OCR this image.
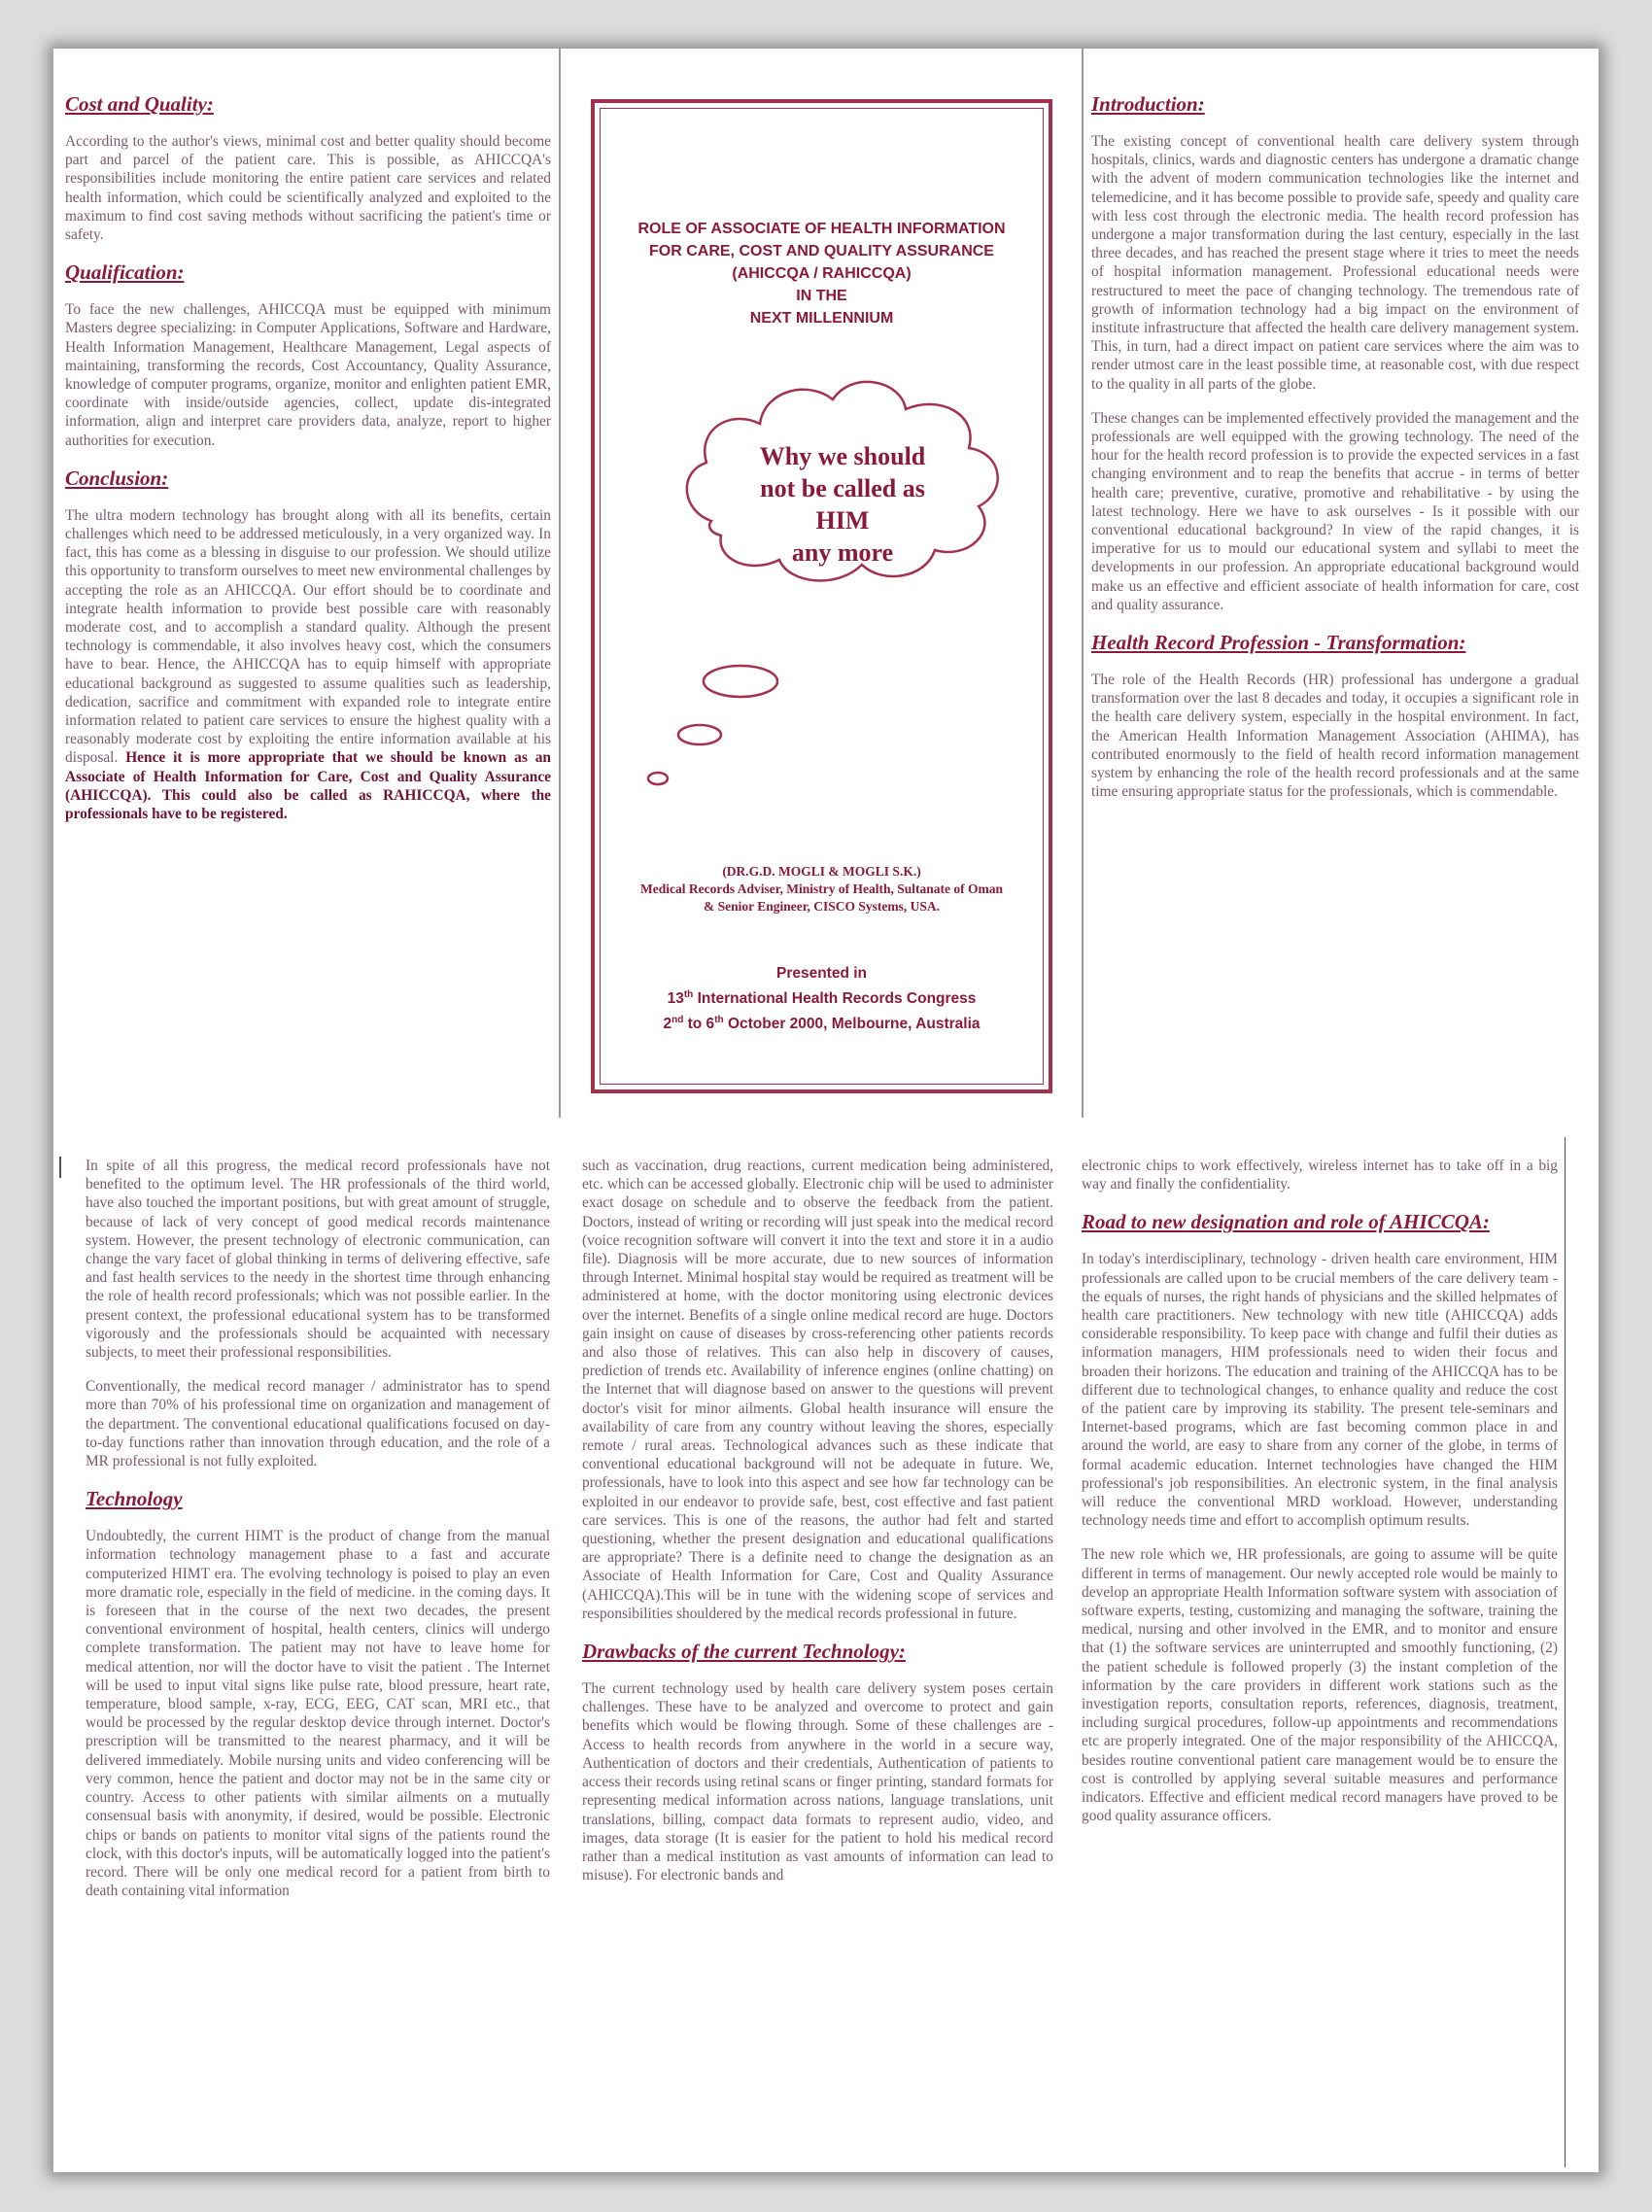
Cost and Quality:

According to the author's views, minimal cost and better quality should become part and parcel of the patient care. This is possible, as AHICCQA's responsibilities include monitoring the entire patient care services and related health information, which could be scientifically analyzed and exploited to the maximum to find cost saving methods without sacrificing the patient's time or safety.

Qualification:

To face the new challenges, AHICCQA must be equipped with minimum Masters degree specializing: in Computer Applications, Software and Hardware, Health Information Management, Healthcare Management, Legal aspects of maintaining, transforming the records, Cost Accountancy, Quality Assurance, knowledge of computer programs, organize, monitor and enlighten patient EMR, coordinate with inside/outside agencies, collect, update dis-integrated information, align and interpret care providers data, analyze, report to higher authorities for execution.

Conclusion:

The ultra modern technology has brought along with all its benefits, certain challenges which need to be addressed meticulously, in a very organized way. In fact, this has come as a blessing in disguise to our profession. We should utilize this opportunity to transform ourselves to meet new environmental challenges by accepting the role as an AHICCQA. Our effort should be to coordinate and integrate health information to provide best possible care with reasonably moderate cost, and to accomplish a standard quality. Although the present technology is commendable, it also involves heavy cost, which the consumers have to bear. Hence, the AHICCQA has to equip himself with appropriate educational background as suggested to assume qualities such as leadership, dedication, sacrifice and commitment with expanded role to integrate entire information related to patient care services to ensure the highest quality with a reasonably moderate cost by exploiting the entire information available at his disposal. Hence it is more appropriate that we should be known as an Associate of Health Information for Care, Cost and Quality Assurance (AHICCQA). This could also be called as RAHICCQA, where the professionals have to be registered.

ROLE OF ASSOCIATE OF HEALTH INFORMATION
FOR CARE, COST AND QUALITY ASSURANCE
(AHICCQA / RAHICCQA)
IN THE
NEXT MILLENNIUM
Why we should
not be called as
HIM
any more
(DR.G.D. MOGLI & MOGLI S.K.)
Medical Records Adviser, Ministry of Health, Sultanate of Oman
& Senior Engineer, CISCO Systems, USA.
Presented in
13th International Health Records Congress
2nd to 6th October 2000, Melbourne, Australia
Introduction:

The existing concept of conventional health care delivery system through hospitals, clinics, wards and diagnostic centers has undergone a dramatic change with the advent of modern communication technologies like the internet and telemedicine, and it has become possible to provide safe, speedy and quality care with less cost through the electronic media. The health record profession has undergone a major transformation during the last century, especially in the last three decades, and has reached the present stage where it tries to meet the needs of hospital information management. Professional educational needs were restructured to meet the pace of changing technology. The tremendous rate of growth of information technology had a big impact on the environment of institute infrastructure that affected the health care delivery management system. This, in turn, had a direct impact on patient care services where the aim was to render utmost care in the least possible time, at reasonable cost, with due respect to the quality in all parts of the globe.

These changes can be implemented effectively provided the management and the professionals are well equipped with the growing technology. The need of the hour for the health record profession is to provide the expected services in a fast changing environment and to reap the benefits that accrue - in terms of better health care; preventive, curative, promotive and rehabilitative - by using the latest technology. Here we have to ask ourselves - Is it possible with our conventional educational background? In view of the rapid changes, it is imperative for us to mould our educational system and syllabi to meet the developments in our profession. An appropriate educational background would make us an effective and efficient associate of health information for care, cost and quality assurance.

Health Record Profession - Transformation:

The role of the Health Records (HR) professional has undergone a gradual transformation over the last 8 decades and today, it occupies a significant role in the health care delivery system, especially in the hospital environment. In fact, the American Health Information Management Association (AHIMA), has contributed enormously to the field of health record information management system by enhancing the role of the health record professionals and at the same time ensuring appropriate status for the professionals, which is commendable.

In spite of all this progress, the medical record professionals have not benefited to the optimum level. The HR professionals of the third world, have also touched the important positions, but with great amount of struggle, because of lack of very concept of good medical records maintenance system. However, the present technology of electronic communication, can change the vary facet of global thinking in terms of delivering effective, safe and fast health services to the needy in the shortest time through enhancing the role of health record professionals; which was not possible earlier. In the present context, the professional educational system has to be transformed vigorously and the professionals should be acquainted with necessary subjects, to meet their professional responsibilities.

Conventionally, the medical record manager / administrator has to spend more than 70% of his professional time on organization and management of the department. The conventional educational qualifications focused on day-to-day functions rather than innovation through education, and the role of a MR professional is not fully exploited.

Technology

Undoubtedly, the current HIMT is the product of change from the manual information technology management phase to a fast and accurate computerized HIMT era. The evolving technology is poised to play an even more dramatic role, especially in the field of medicine. in the coming days. It is foreseen that in the course of the next two decades, the present conventional environment of hospital, health centers, clinics will undergo complete transformation. The patient may not have to leave home for medical attention, nor will the doctor have to visit the patient . The Internet will be used to input vital signs like pulse rate, blood pressure, heart rate, temperature, blood sample, x-ray, ECG, EEG, CAT scan, MRI etc., that would be processed by the regular desktop device through internet. Doctor's prescription will be transmitted to the nearest pharmacy, and it will be delivered immediately. Mobile nursing units and video conferencing will be very common, hence the patient and doctor may not be in the same city or country. Access to other patients with similar ailments on a mutually consensual basis with anonymity, if desired, would be possible. Electronic chips or bands on patients to monitor vital signs of the patients round the clock, with this doctor's inputs, will be automatically logged into the patient's record. There will be only one medical record for a patient from birth to death containing vital information

such as vaccination, drug reactions, current medication being administered, etc. which can be accessed globally. Electronic chip will be used to administer exact dosage on schedule and to observe the feedback from the patient. Doctors, instead of writing or recording will just speak into the medical record (voice recognition software will convert it into the text and store it in a audio file). Diagnosis will be more accurate, due to new sources of information through Internet. Minimal hospital stay would be required as treatment will be administered at home, with the doctor monitoring using electronic devices over the internet. Benefits of a single online medical record are huge. Doctors gain insight on cause of diseases by cross-referencing other patients records and also those of relatives. This can also help in discovery of causes, prediction of trends etc. Availability of inference engines (online chatting) on the Internet that will diagnose based on answer to the questions will prevent doctor's visit for minor ailments. Global health insurance will ensure the availability of care from any country without leaving the shores, especially remote / rural areas. Technological advances such as these indicate that conventional educational background will not be adequate in future. We, professionals, have to look into this aspect and see how far technology can be exploited in our endeavor to provide safe, best, cost effective and fast patient care services. This is one of the reasons, the author had felt and started questioning, whether the present designation and educational qualifications are appropriate? There is a definite need to change the designation as an Associate of Health Information for Care, Cost and Quality Assurance (AHICCQA).This will be in tune with the widening scope of services and responsibilities shouldered by the medical records professional in future.

Drawbacks of the current Technology:

The current technology used by health care delivery system poses certain challenges. These have to be analyzed and overcome to protect and gain benefits which would be flowing through. Some of these challenges are - Access to health records from anywhere in the world in a secure way, Authentication of doctors and their credentials, Authentication of patients to access their records using retinal scans or finger printing, standard formats for representing medical information across nations, language translations, unit translations, billing, compact data formats to represent audio, video, and images, data storage (It is easier for the patient to hold his medical record rather than a medical institution as vast amounts of information can lead to misuse). For electronic bands and

electronic chips to work effectively, wireless internet has to take off in a big way and finally the confidentiality.

Road to new designation and role of AHICCQA:

In today's interdisciplinary, technology - driven health care environment, HIM professionals are called upon to be crucial members of the care delivery team - the equals of nurses, the right hands of physicians and the skilled helpmates of health care practitioners. New technology with new title (AHICCQA) adds considerable responsibility. To keep pace with change and fulfil their duties as information managers, HIM professionals need to widen their focus and broaden their horizons. The education and training of the AHICCQA has to be different due to technological changes, to enhance quality and reduce the cost of the patient care by improving its stability. The present tele-seminars and Internet-based programs, which are fast becoming common place in and around the world, are easy to share from any corner of the globe, in terms of formal academic education. Internet technologies have changed the HIM professional's job responsibilities. An electronic system, in the final analysis will reduce the conventional MRD workload. However, understanding technology needs time and effort to accomplish optimum results.

The new role which we, HR professionals, are going to assume will be quite different in terms of management. Our newly accepted role would be mainly to develop an appropriate Health Information software system with association of software experts, testing, customizing and managing the software, training the medical, nursing and other involved in the EMR, and to monitor and ensure that (1) the software services are uninterrupted and smoothly functioning, (2) the patient schedule is followed properly (3) the instant completion of the information by the care providers in different work stations such as the investigation reports, consultation reports, references, diagnosis, treatment, including surgical procedures, follow-up appointments and recommendations etc are properly integrated. One of the major responsibility of the AHICCQA, besides routine conventional patient care management would be to ensure the cost is controlled by applying several suitable measures and performance indicators. Effective and efficient medical record managers have proved to be good quality assurance officers.
